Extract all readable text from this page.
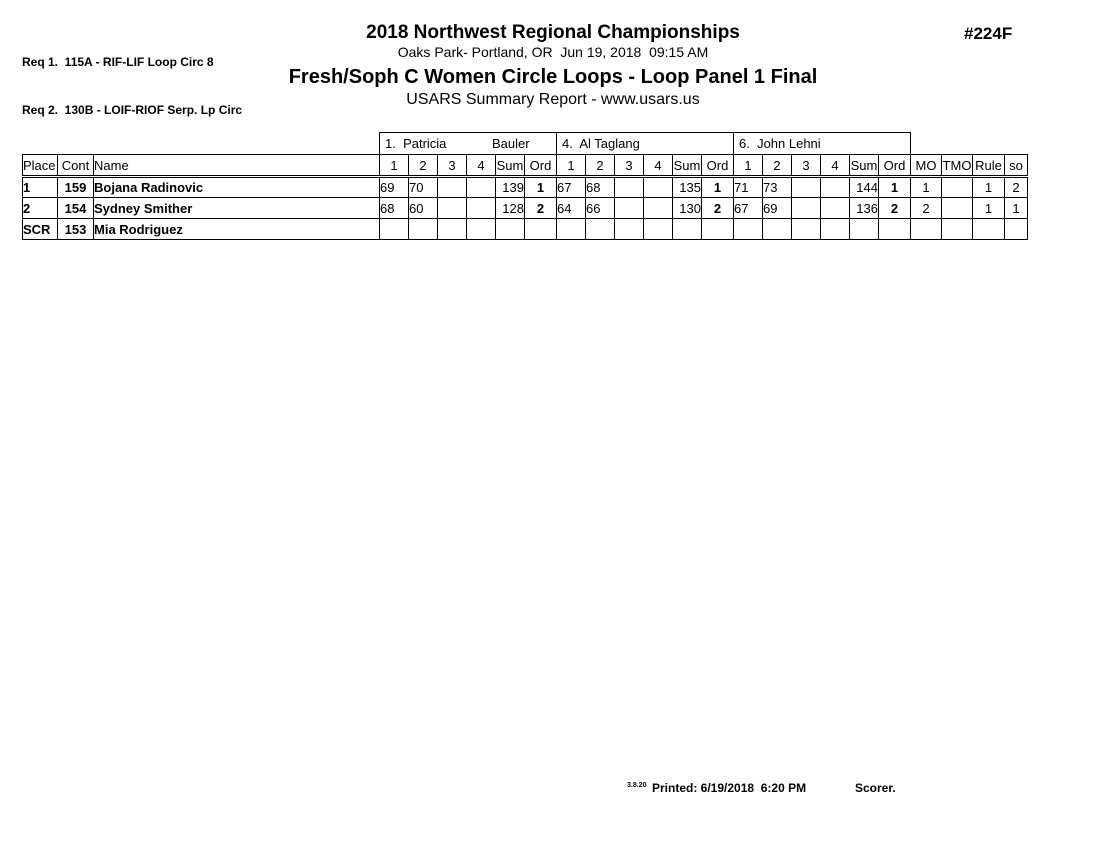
Req 1.  115A - RIF-LIF Loop Circ 8

Req 2.  130B - LOIF-RIOF Serp. Lp Circ

2018 Northwest Regional Championships
Oaks Park- Portland, OR  Jun 19, 2018  09:15 AM
Fresh/Soph C Women Circle Loops - Loop Panel 1 Final
USARS Summary Report - www.usars.us
#224F
			1.  Patricia Bauler						4.  Al Taglang						6.  John Lehni								

Place	Cont	Name	1	2	3	4	Sum	Ord	1	2	3	4	Sum	Ord	1	2	3	4	Sum	Ord	MO	TMO	Rule	so
1	159	Bojana Radinovic	69	70			139	1	67	68			135	1	71	73			144	1	1		1	2
2	154	Sydney Smither	68	60			128	2	64	66			130	2	67	69			136	2	2		1	1
SCR	153	Mia Rodriguez																						
3.8.20 Printed: 6/19/2018  6:20 PM	Scorer.
